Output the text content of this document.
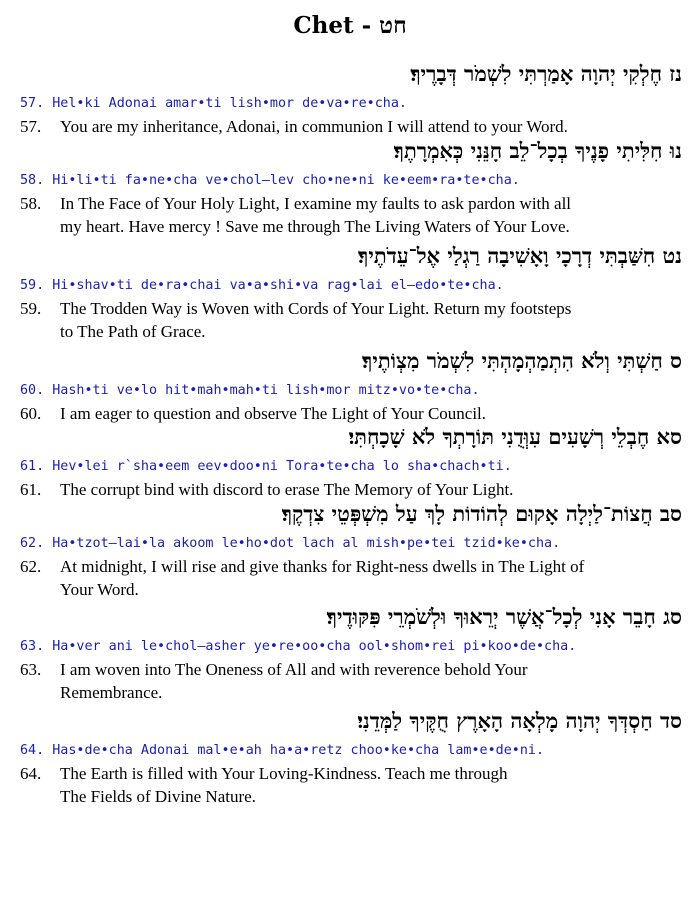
Chet - חט
נז חֶלְקִי יְהוָה אָמַרְתִּי לִשְׁמֹר דְּבָרֶיךָ׃
57. Hel•ki Adonai amar•ti lish•mor de•va•re•cha.
57. You are my inheritance, Adonai, in communion I will attend to your Word.
נוּ חִלִּיתִי פָנֶיךָ בְכָל־לֵב חָנֵּנִי כְּאִמְרָתֶךָ׃
58. Hi•li•ti fa•ne•cha ve•chol–lev cho•ne•ni ke•eem•ra•te•cha.
58. In The Face of Your Holy Light, I examine my faults to ask pardon with all
my heart. Have mercy ! Save me through The Living Waters of Your Love.
נט חִשַּׁבְתִּי דְרָכָי וָאָשִׁיבָה רַגְלַי אֶל־עֵדֹתֶיךָ׃
59. Hi•shav•ti de•ra•chai va•a•shi•va rag•lai el–edo•te•cha.
59. The Trodden Way is Woven with Cords of Your Light. Return my footsteps
to The Path of Grace.
ס חַשְׁתִּי וְלֹא הִתְמַהְמָהְתִּי לִשְׁמֹר מִצְוֹתֶיךָ׃
60. Hash•ti ve•lo hit•mah•mah•ti lish•mor mitz•vo•te•cha.
60. I am eager to question and observe The Light of Your Council.
סא חֶבְלֵי רְשָׁעִים עִוְּדֻנִי תּוֹרָתְךָ לֹא שָׁכָחְתִּי׃
61. Hev•lei r`sha•eem eev•doo•ni Tora•te•cha lo sha•chach•ti.
61. The corrupt bind with discord to erase The Memory of Your Light.
סב חֲצוֹת־לַיְלָה אָקוּם לְהוֹדוֹת לָךְ עַל מִשְׁפְּטֵי צִדְקֶךָ׃
62. Ha•tzot–lai•la akoom le•ho•dot lach al mish•pe•tei tzid•ke•cha.
62. At midnight, I will rise and give thanks for Right-ness dwells in The Light of
Your Word.
סג חָבֵר אָנִי לְכָל־אֲשֶׁר יְרֵאוּךָ וּלְשֹׁמְרֵי פִּקּוּדֶיךָ׃
63. Ha•ver ani le•chol–asher ye•re•oo•cha ool•shom•rei pi•koo•de•cha.
63. I am woven into The Oneness of All and with reverence behold Your
Remembrance.
סד חַסְדְּךָ יְהוָה מָלְאָה הָאָרֶץ חֻקֶּיךָ לַמְּדֵנִי׃
64. Has•de•cha Adonai mal•e•ah ha•a•retz choo•ke•cha lam•e•de•ni.
64. The Earth is filled with Your Loving-Kindness. Teach me through
The Fields of Divine Nature.
